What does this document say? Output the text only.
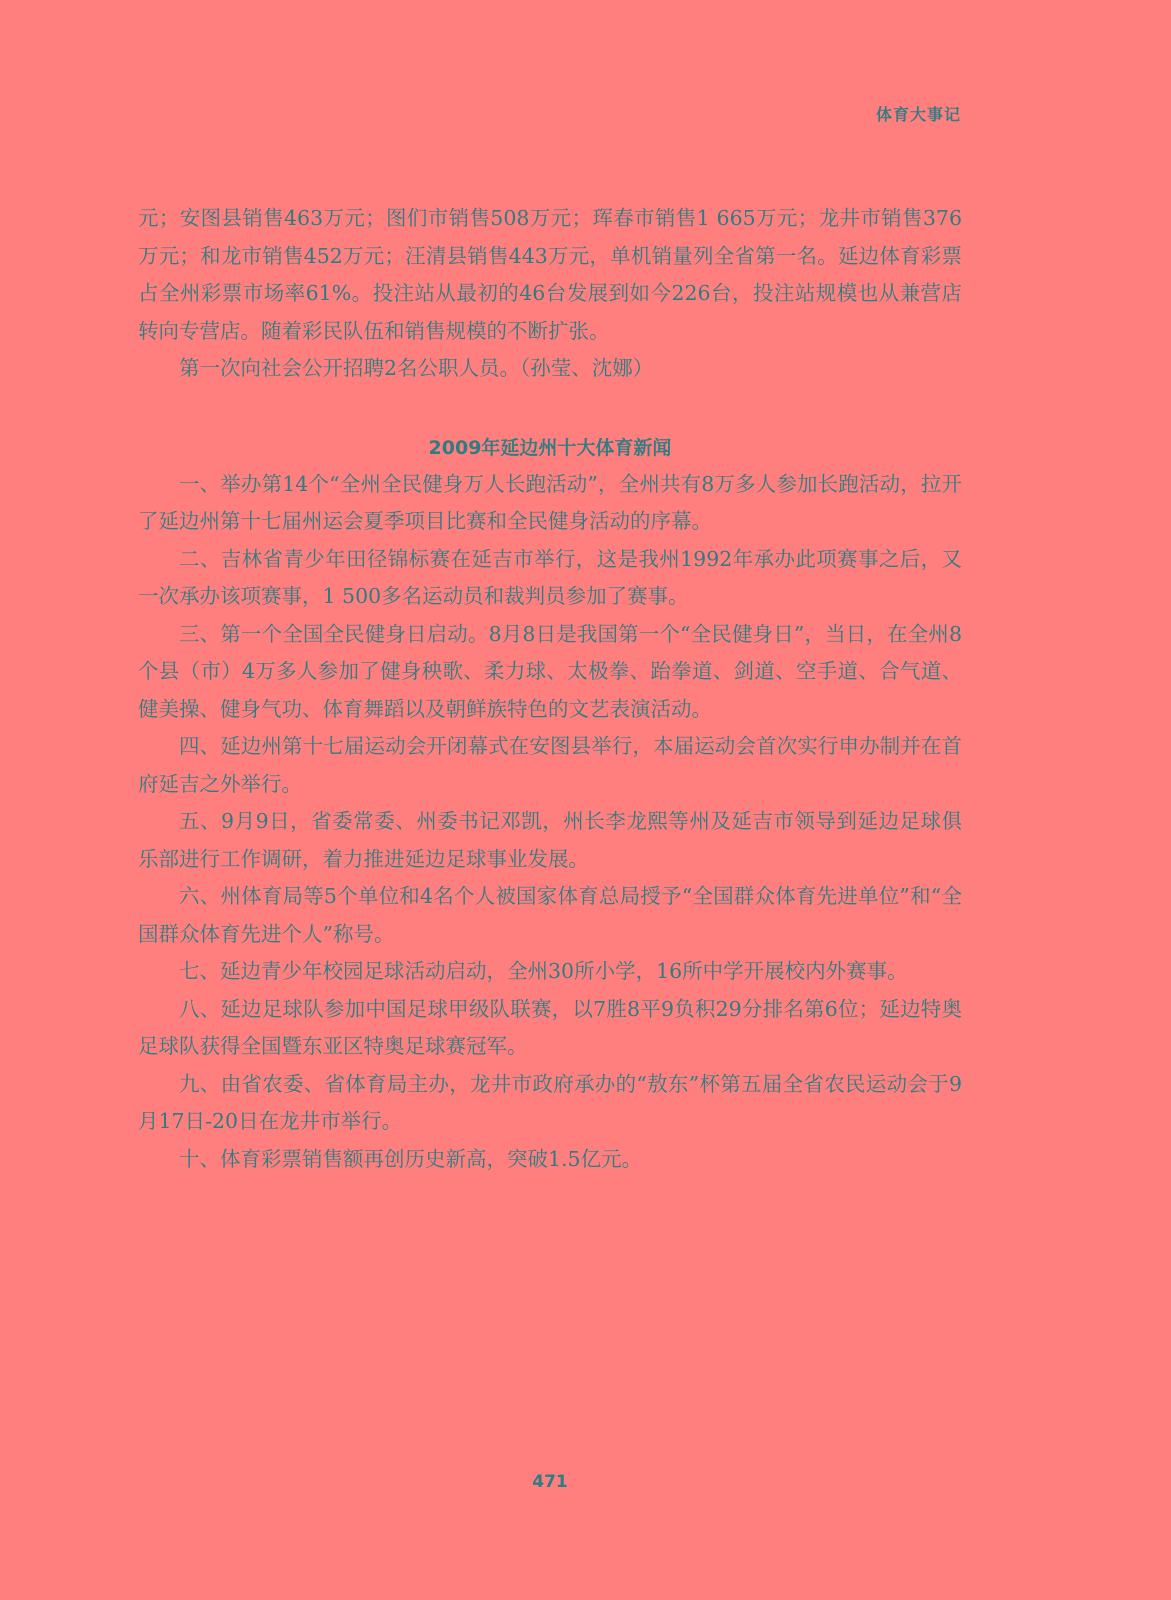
体育大事记

元；安图县销售463万元；图们市销售508万元；珲春市销售1 665万元；龙井市销售376万元；和龙市销售452万元；汪清县销售443万元，单机销量列全省第一名。延边体育彩票占全州彩票市场率61%。投注站从最初的46台发展到如今226台，投注站规模也从兼营店转向专营店。随着彩民队伍和销售规模的不断扩张。

第一次向社会公开招聘2名公职人员。（孙莹、沈娜）

2009年延边州十大体育新闻

一、举办第14个“全州全民健身万人长跑活动”，全州共有8万多人参加长跑活动，拉开了延边州第十七届州运会夏季项目比赛和全民健身活动的序幕。

二、吉林省青少年田径锦标赛在延吉市举行，这是我州1992年承办此项赛事之后，又一次承办该项赛事，1 500多名运动员和裁判员参加了赛事。

三、第一个全国全民健身日启动。8月8日是我国第一个“全民健身日”，当日，在全州8个县（市）4万多人参加了健身秧歌、柔力球、太极拳、跆拳道、剑道、空手道、合气道、健美操、健身气功、体育舞蹈以及朝鲜族特色的文艺表演活动。

四、延边州第十七届运动会开闭幕式在安图县举行，本届运动会首次实行申办制并在首府延吉之外举行。

五、9月9日，省委常委、州委书记邓凯，州长李龙熙等州及延吉市领导到延边足球俱乐部进行工作调研，着力推进延边足球事业发展。

六、州体育局等5个单位和4名个人被国家体育总局授予“全国群众体育先进单位”和“全国群众体育先进个人”称号。

七、延边青少年校园足球活动启动，全州30所小学，16所中学开展校内外赛事。

八、延边足球队参加中国足球甲级队联赛，以7胜8平9负积29分排名第6位；延边特奥足球队获得全国暨东亚区特奥足球赛冠军。

九、由省农委、省体育局主办，龙井市政府承办的“敖东”杯第五届全省农民运动会于9月17日-20日在龙井市举行。

十、体育彩票销售额再创历史新高，突破1.5亿元。

471
